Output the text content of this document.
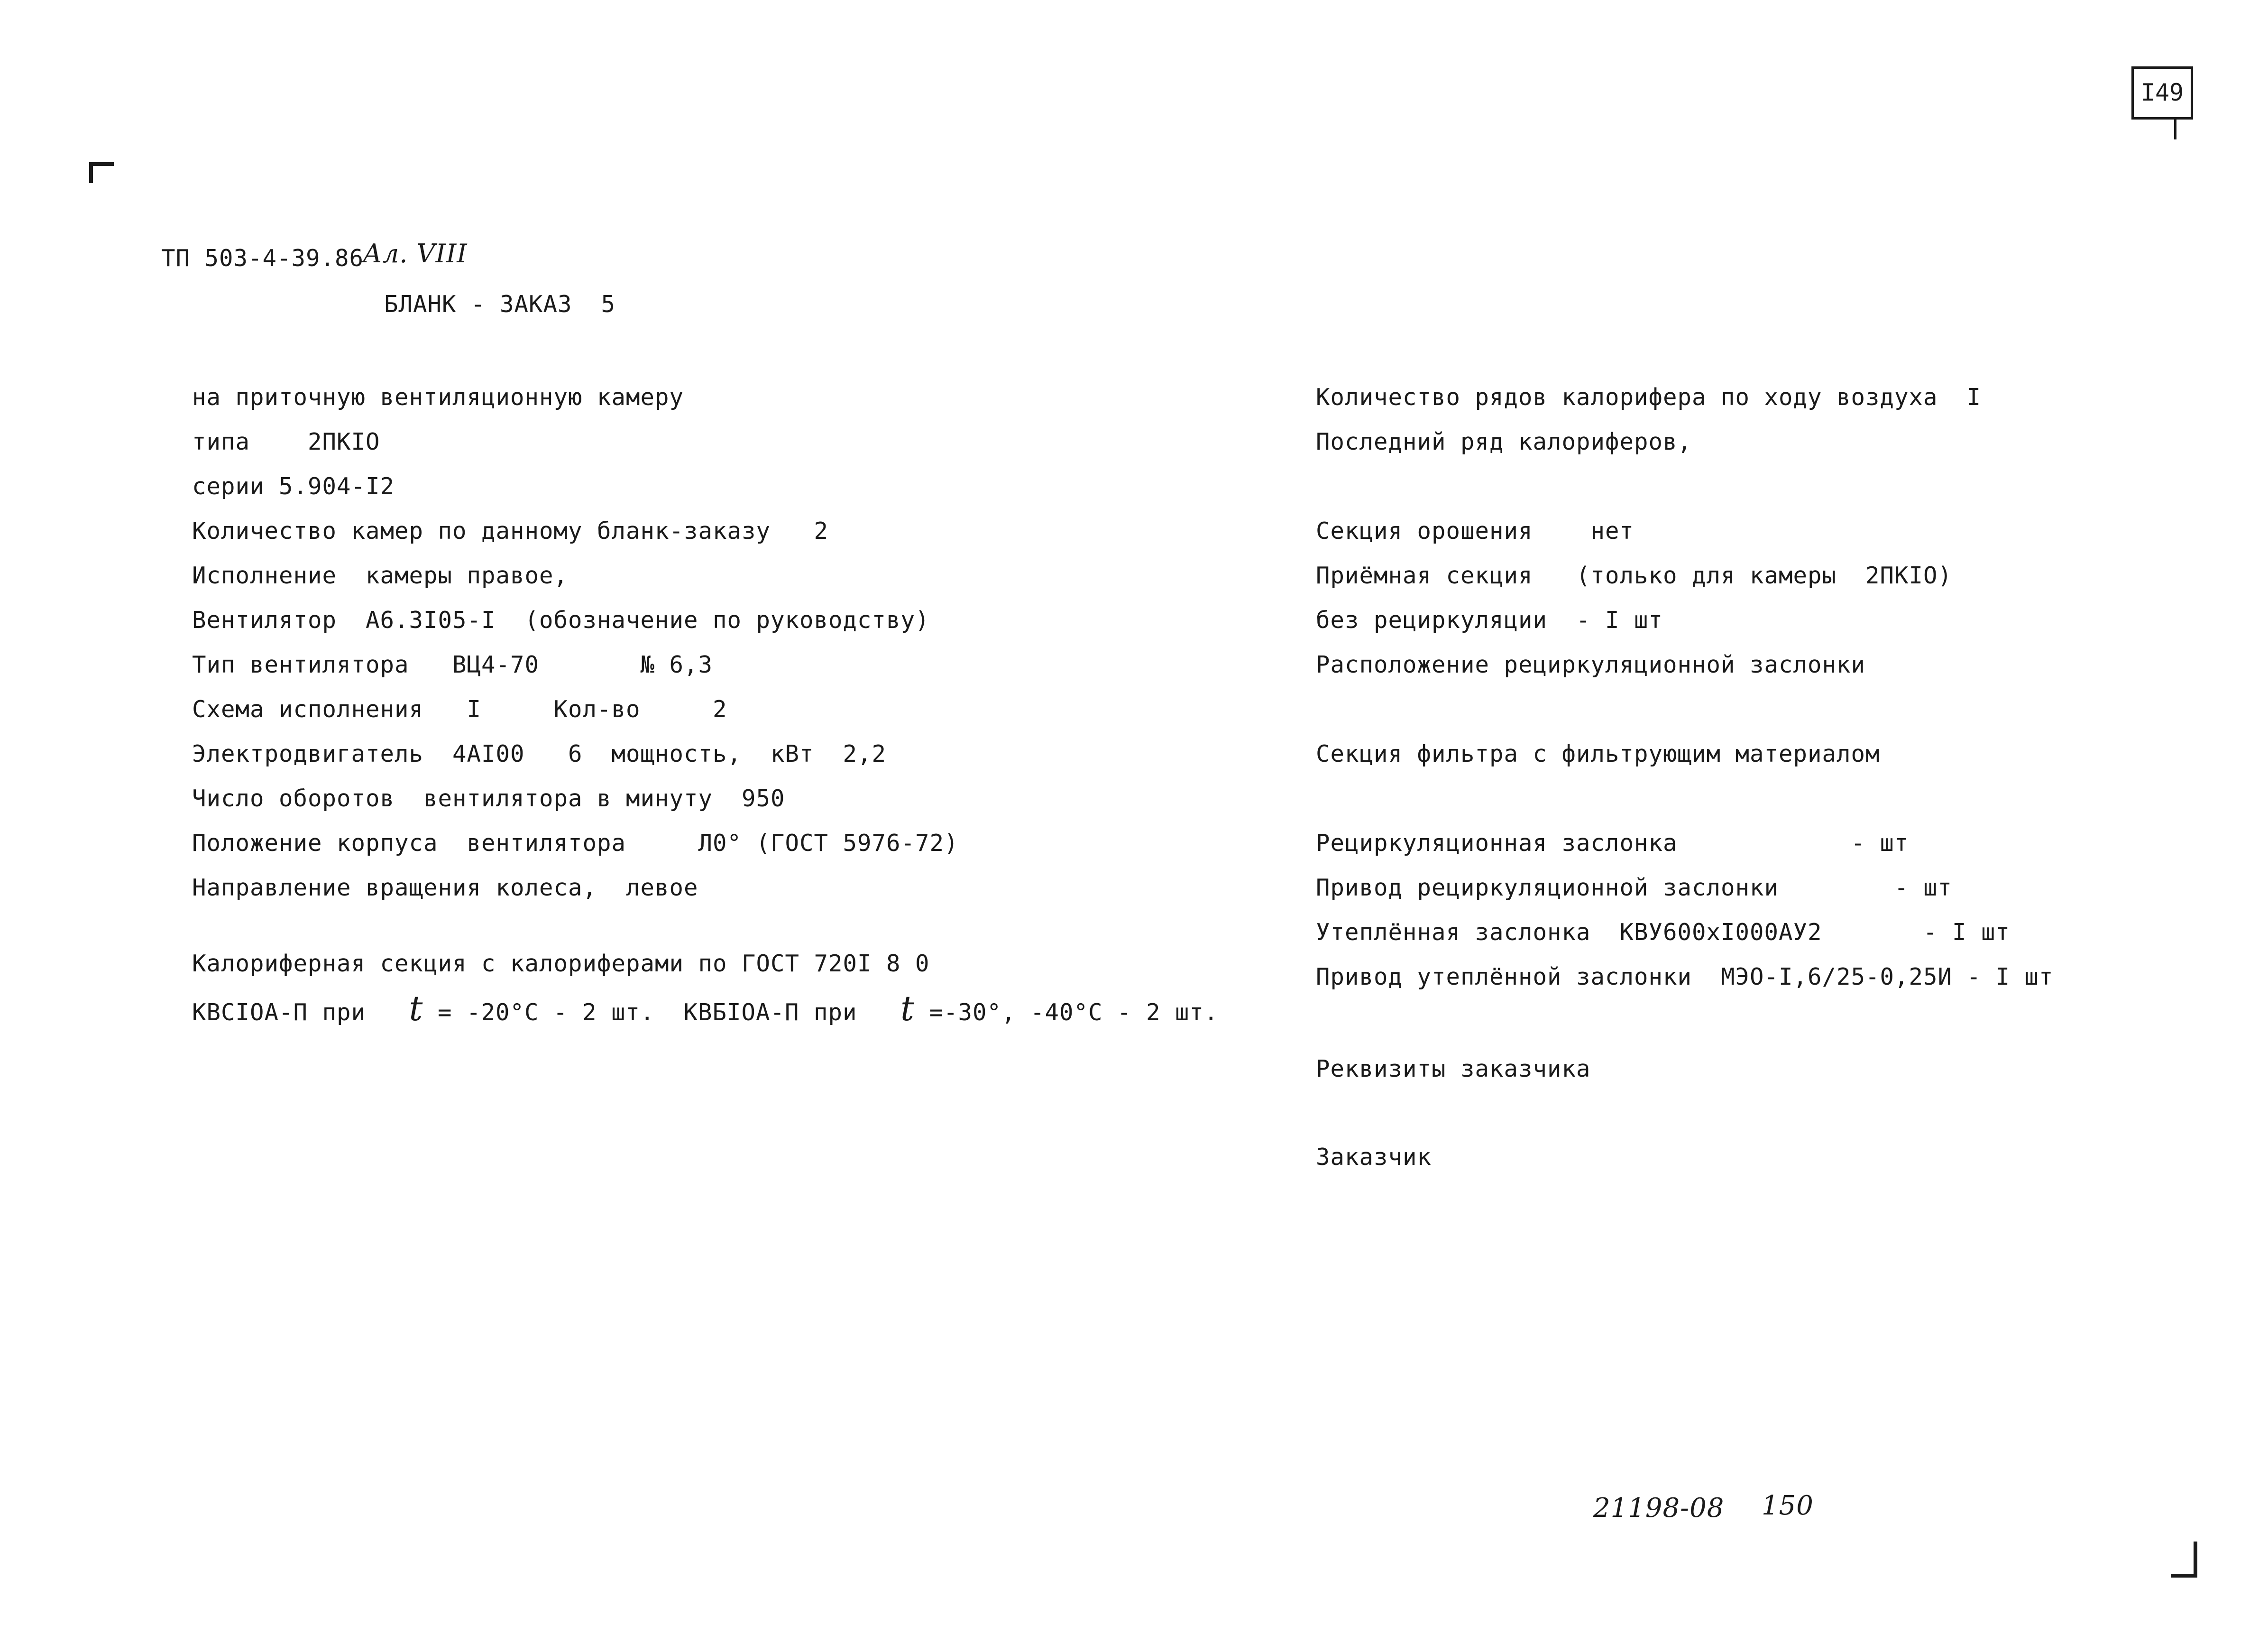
I49
ТП 503-4-39.86
Ал. VIII
БЛАНК - ЗАКАЗ  5
на приточную вентиляционную камеру
типа    2ПКIO
серии 5.904-I2
Количество камер по данному бланк-заказу   2
Исполнение  камеры правое,
Вентилятор  А6.3I05-I  (обозначение по руководству)
Тип вентилятора   ВЦ4-70       № 6,3
Схема исполнения   I     Кол-во     2
Электродвигатель  4АI00   6  мощность,  кВт  2,2
Число оборотов  вентилятора в минуту  950
Положение корпуса  вентилятора     Л0° (ГОСТ 5976-72)
Направление вращения колеса,  левое
Калориферная секция с калориферами по ГОСТ 720I 8 0
КВСIOА-П при t = -20°С - 2 шт.  КВБIOА-П при t =-30°, -40°С - 2 шт.
Количество рядов калорифера по ходу воздуха  I
Последний ряд калориферов,
Секция орошения    нет
Приёмная секция   (только для камеры  2ПКIO)
без рециркуляции  - I шт
Расположение рециркуляционной заслонки
Секция фильтра с фильтрующим материалом
Рециркуляционная заслонка            - шт
Привод рециркуляционной заслонки        - шт
Утеплённая заслонка  КВУ600хI000АУ2       - I шт
Привод утеплённой заслонки  МЭО-I,6/25-0,25И - I шт
Реквизиты заказчика
Заказчик
21198-08 150
